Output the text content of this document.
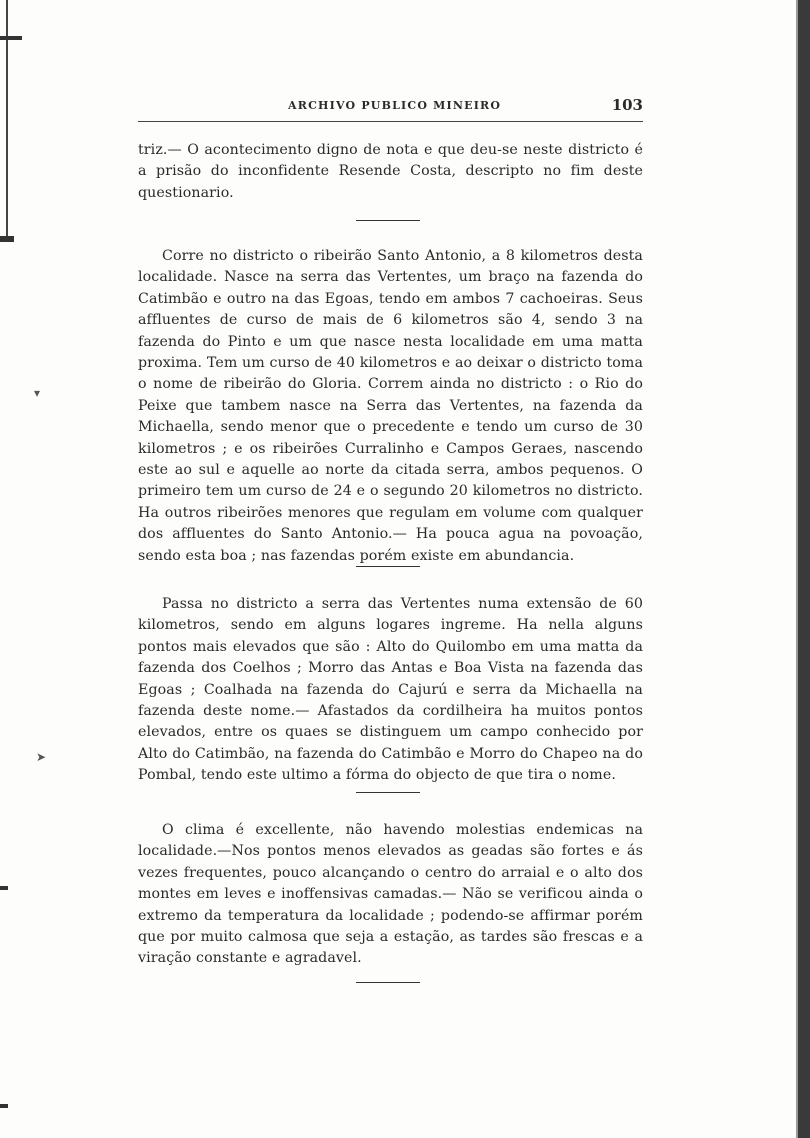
▾
➤
ARCHIVO PUBLICO MINEIRO	103

triz.— O acontecimento digno de nota e que deu-se neste districto é a prisão do inconfidente Resende Costa, descripto no fim deste questionario.

Corre no districto o ribeirão Santo Antonio, a 8 kilometros desta localidade. Nasce na serra das Vertentes, um braço na fazenda do Catimbão e outro na das Egoas, tendo em ambos 7 cachoeiras. Seus affluentes de curso de mais de 6 kilometros são 4, sendo 3 na fazenda do Pinto e um que nasce nesta localidade em uma matta proxima. Tem um curso de 40 kilometros e ao deixar o districto toma o nome de ribeirão do Gloria. Correm ainda no districto : o Rio do Peixe que tambem nasce na Serra das Vertentes, na fazenda da Michaella, sendo menor que o precedente e tendo um curso de 30 kilometros ; e os ribeirões Curralinho e Campos Geraes, nascendo este ao sul e aquelle ao norte da citada serra, ambos pequenos. O primeiro tem um curso de 24 e o segundo 20 kilometros no districto. Ha outros ribeirões menores que regulam em volume com qualquer dos affluentes do Santo Antonio.— Ha pouca agua na povoação, sendo esta boa ; nas fazendas porém existe em abundancia.

Passa no districto a serra das Vertentes numa extensão de 60 kilometros, sendo em alguns logares ingreme. Ha nella alguns pontos mais elevados que são : Alto do Quilombo em uma matta da fazenda dos Coelhos ; Morro das Antas e Boa Vista na fazenda das Egoas ; Coalhada na fazenda do Cajurú e serra da Michaella na fazenda deste nome.— Afastados da cordilheira ha muitos pontos elevados, entre os quaes se distinguem um campo conhecido por Alto do Catimbão, na fazenda do Catimbão e Morro do Chapeo na do Pombal, tendo este ultimo a fórma do objecto de que tira o nome.

O clima é excellente, não havendo molestias endemicas na localidade.—Nos pontos menos elevados as geadas são fortes e ás vezes frequentes, pouco alcançando o centro do arraial e o alto dos montes em leves e inoffensivas camadas.— Não se verificou ainda o extremo da temperatura da localidade ; podendo-se affirmar porém que por muito calmosa que seja a estação, as tardes são frescas e a viração constante e agradavel.
